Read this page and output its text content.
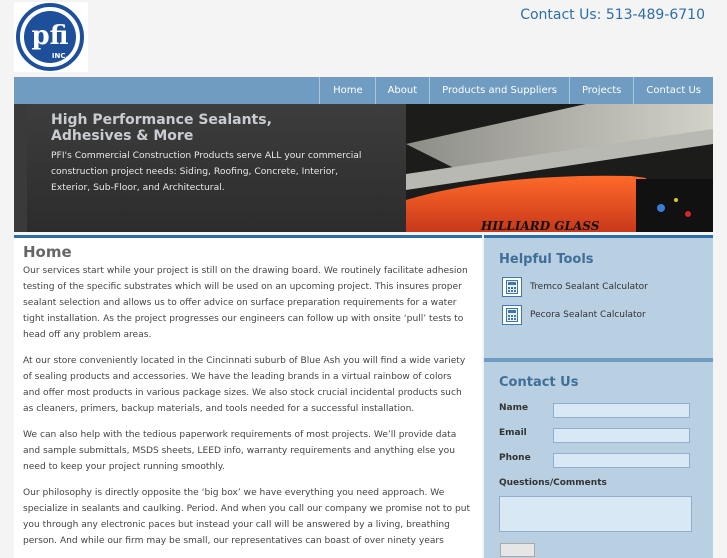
pfi
INC.
Contact Us: 513-489-6710
Home	About	Products and Suppliers	Projects	Contact Us
HILLIARD GLASS
High Performance Sealants,
Adhesives & More

PFI's Commercial Construction Products serve ALL your commercial construction project needs: Siding, Roofing, Concrete, Interior, Exterior, Sub-Floor, and Architectural.

Home

Our services start while your project is still on the drawing board. We routinely facilitate adhesion testing of the specific substrates which will be used on an upcoming project. This insures proper sealant selection and allows us to offer advice on surface preparation requirements for a water tight installation. As the project progresses our engineers can follow up with onsite ‘pull’ tests to head off any problem areas.

At our store conveniently located in the Cincinnati suburb of Blue Ash you will find a wide variety of sealing products and accessories. We have the leading brands in a virtual rainbow of colors and offer most products in various package sizes. We also stock crucial incidental products such as cleaners, primers, backup materials, and tools needed for a successful installation.

We can also help with the tedious paperwork requirements of most projects. We’ll provide data and sample submittals, MSDS sheets, LEED info, warranty requirements and anything else you need to keep your project running smoothly.

Our philosophy is directly opposite the ‘big box’ we have everything you need approach. We specialize in sealants and caulking. Period. And when you call our company we promise not to put you through any electronic paces but instead your call will be answered by a living, breathing person. And while our firm may be small, our representatives can boast of over ninety years

Helpful Tools
Tremco Sealant Calculator
Pecora Sealant Calculator
Contact Us
Name
Email
Phone
Questions/Comments
